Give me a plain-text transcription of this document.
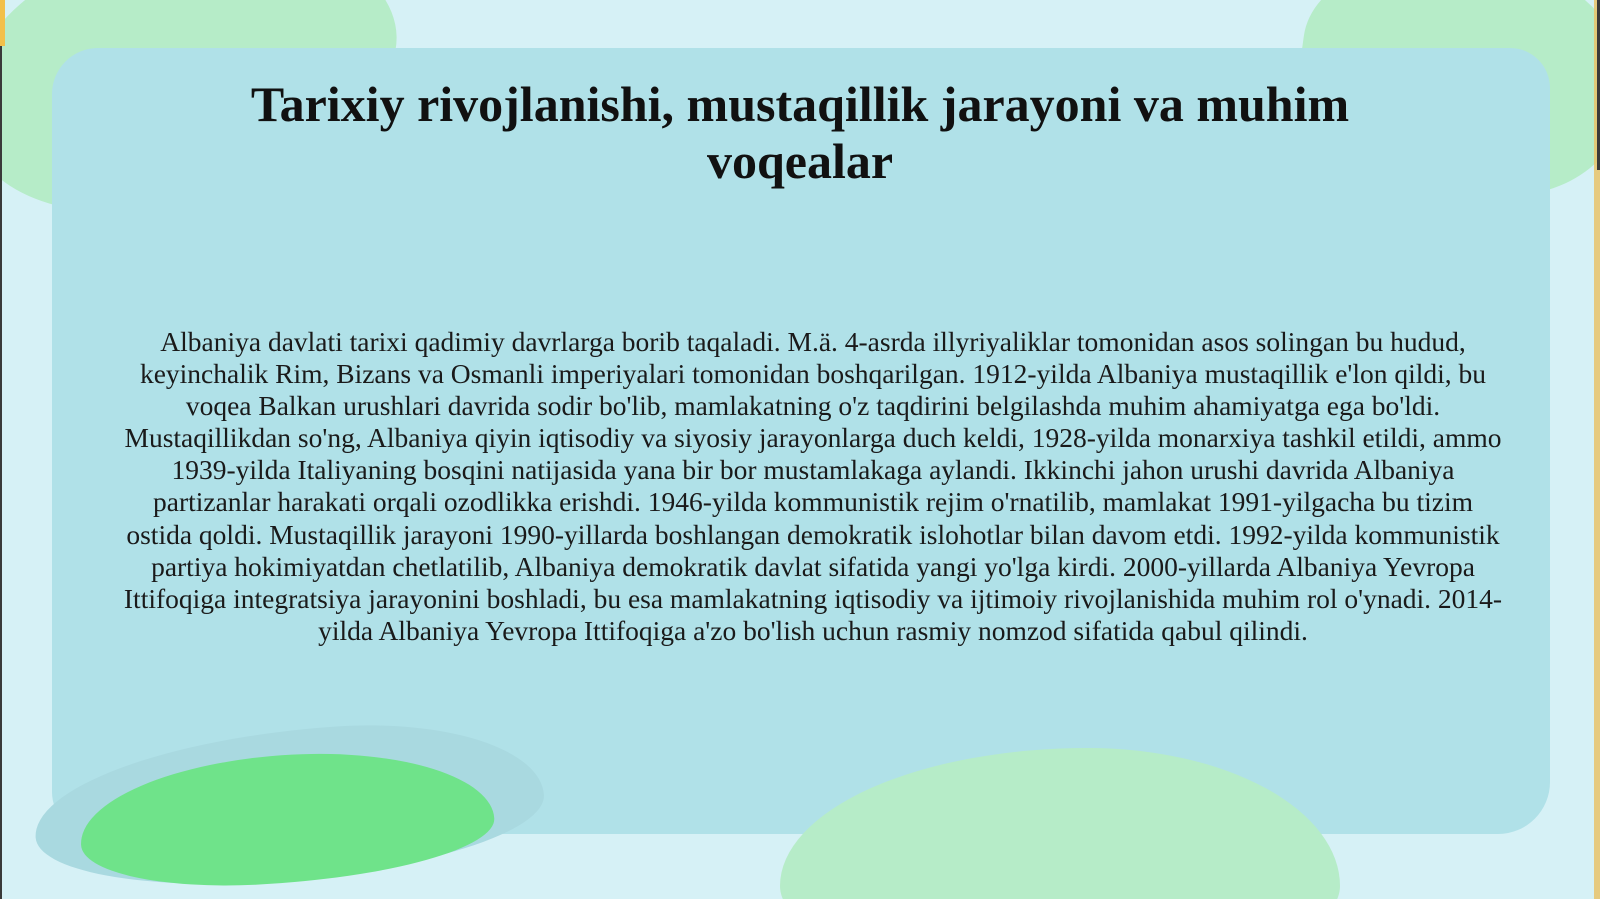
Tarixiy rivojlanishi, mustaqillik jarayoni va muhim voqealar

Albaniya davlati tarixi qadimiy davrlarga borib taqaladi. M.ä. 4-asrda illyriyaliklar tomonidan asos solingan bu hudud, keyinchalik Rim, Bizans va Osmanli imperiyalari tomonidan boshqarilgan. 1912-yilda Albaniya mustaqillik e'lon qildi, bu voqea Balkan urushlari davrida sodir bo'lib, mamlakatning o'z taqdirini belgilashda muhim ahamiyatga ega bo'ldi. Mustaqillikdan so'ng, Albaniya qiyin iqtisodiy va siyosiy jarayonlarga duch keldi, 1928-yilda monarxiya tashkil etildi, ammo 1939-yilda Italiyaning bosqini natijasida yana bir bor mustamlakaga aylandi. Ikkinchi jahon urushi davrida Albaniya partizanlar harakati orqali ozodlikka erishdi. 1946-yilda kommunistik rejim o'rnatilib, mamlakat 1991-yilgacha bu tizim ostida qoldi. Mustaqillik jarayoni 1990-yillarda boshlangan demokratik islohotlar bilan davom etdi. 1992-yilda kommunistik partiya hokimiyatdan chetlatilib, Albaniya demokratik davlat sifatida yangi yo'lga kirdi. 2000-yillarda Albaniya Yevropa Ittifoqiga integratsiya jarayonini boshladi, bu esa mamlakatning iqtisodiy va ijtimoiy rivojlanishida muhim rol o'ynadi. 2014-yilda Albaniya Yevropa Ittifoqiga a'zo bo'lish uchun rasmiy nomzod sifatida qabul qilindi.
